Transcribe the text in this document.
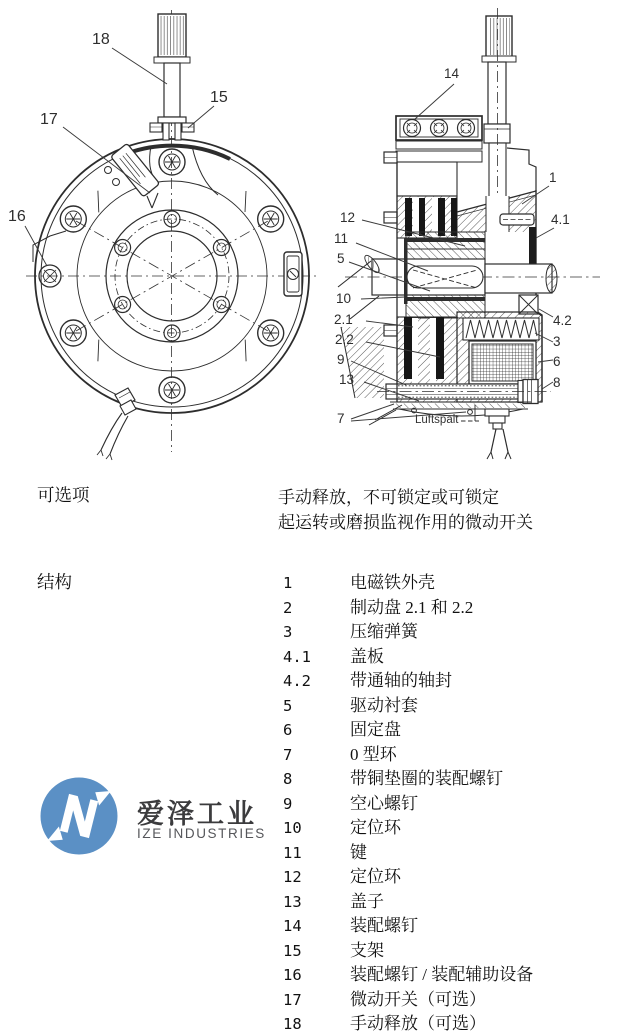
18
17
16
15
14
1
4.1
12
11
5
10
2.1
2.2
9
13
7
4.2
3
6
8
Luftspalt
可选项	手动释放，不可锁定或可锁定
起运转或磨损监视作用的微动开关
结构	1	电磁铁外壳
2	制动盘 2.1 和 2.2
3	压缩弹簧
4.1 盖板
4.2 带通轴的轴封
5	驱动衬套
6	固定盘
7	0 型环
8	带铜垫圈的装配螺钉
9	空心螺钉
10	定位环
11	键
12	定位环
13	盖子
14	装配螺钉
15	支架
16	装配螺钉 / 装配辅助设备
17	微动开关（可选）
18	手动释放（可选）
爱泽工业
IZE INDUSTRIES
